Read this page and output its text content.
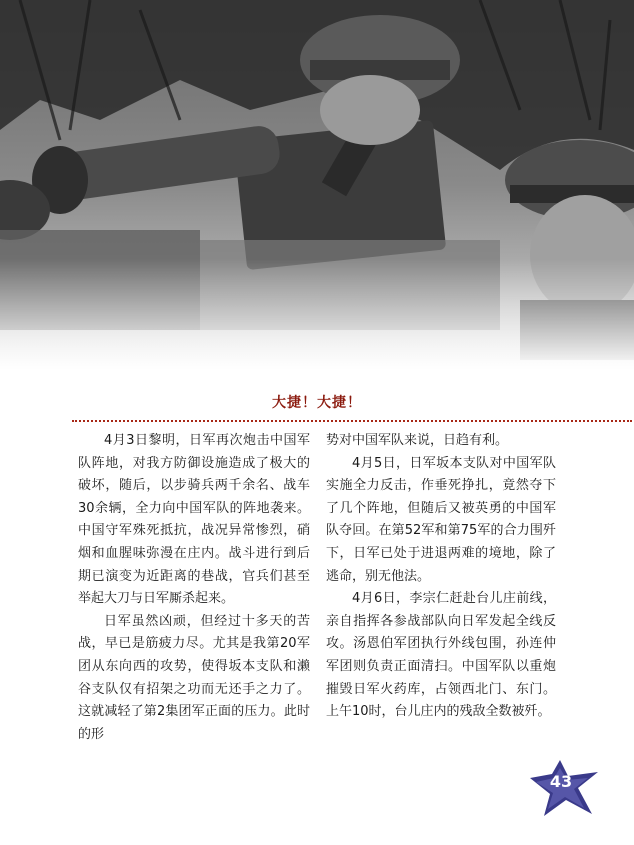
大捷！大捷！

4月3日黎明，日军再次炮击中国军队阵地，对我方防御设施造成了极大的破坏，随后，以步骑兵两千余名、战车30余辆，全力向中国军队的阵地袭来。中国守军殊死抵抗，战况异常惨烈，硝烟和血腥味弥漫在庄内。战斗进行到后期已演变为近距离的巷战，官兵们甚至举起大刀与日军厮杀起来。

日军虽然凶顽，但经过十多天的苦战，早已是筋疲力尽。尤其是我第20军团从东向西的攻势，使得坂本支队和濑谷支队仅有招架之功而无还手之力了。这就减轻了第2集团军正面的压力。此时的形

势对中国军队来说，日趋有利。

4月5日，日军坂本支队对中国军队实施全力反击，作垂死挣扎，竟然夺下了几个阵地，但随后又被英勇的中国军队夺回。在第52军和第75军的合力围歼下，日军已处于进退两难的境地，除了逃命，别无他法。

4月6日，李宗仁赶赴台儿庄前线，亲自指挥各参战部队向日军发起全线反攻。汤恩伯军团执行外线包围，孙连仲军团则负责正面清扫。中国军队以重炮摧毁日军火药库，占领西北门、东门。上午10时，台儿庄内的残敌全数被歼。

43
